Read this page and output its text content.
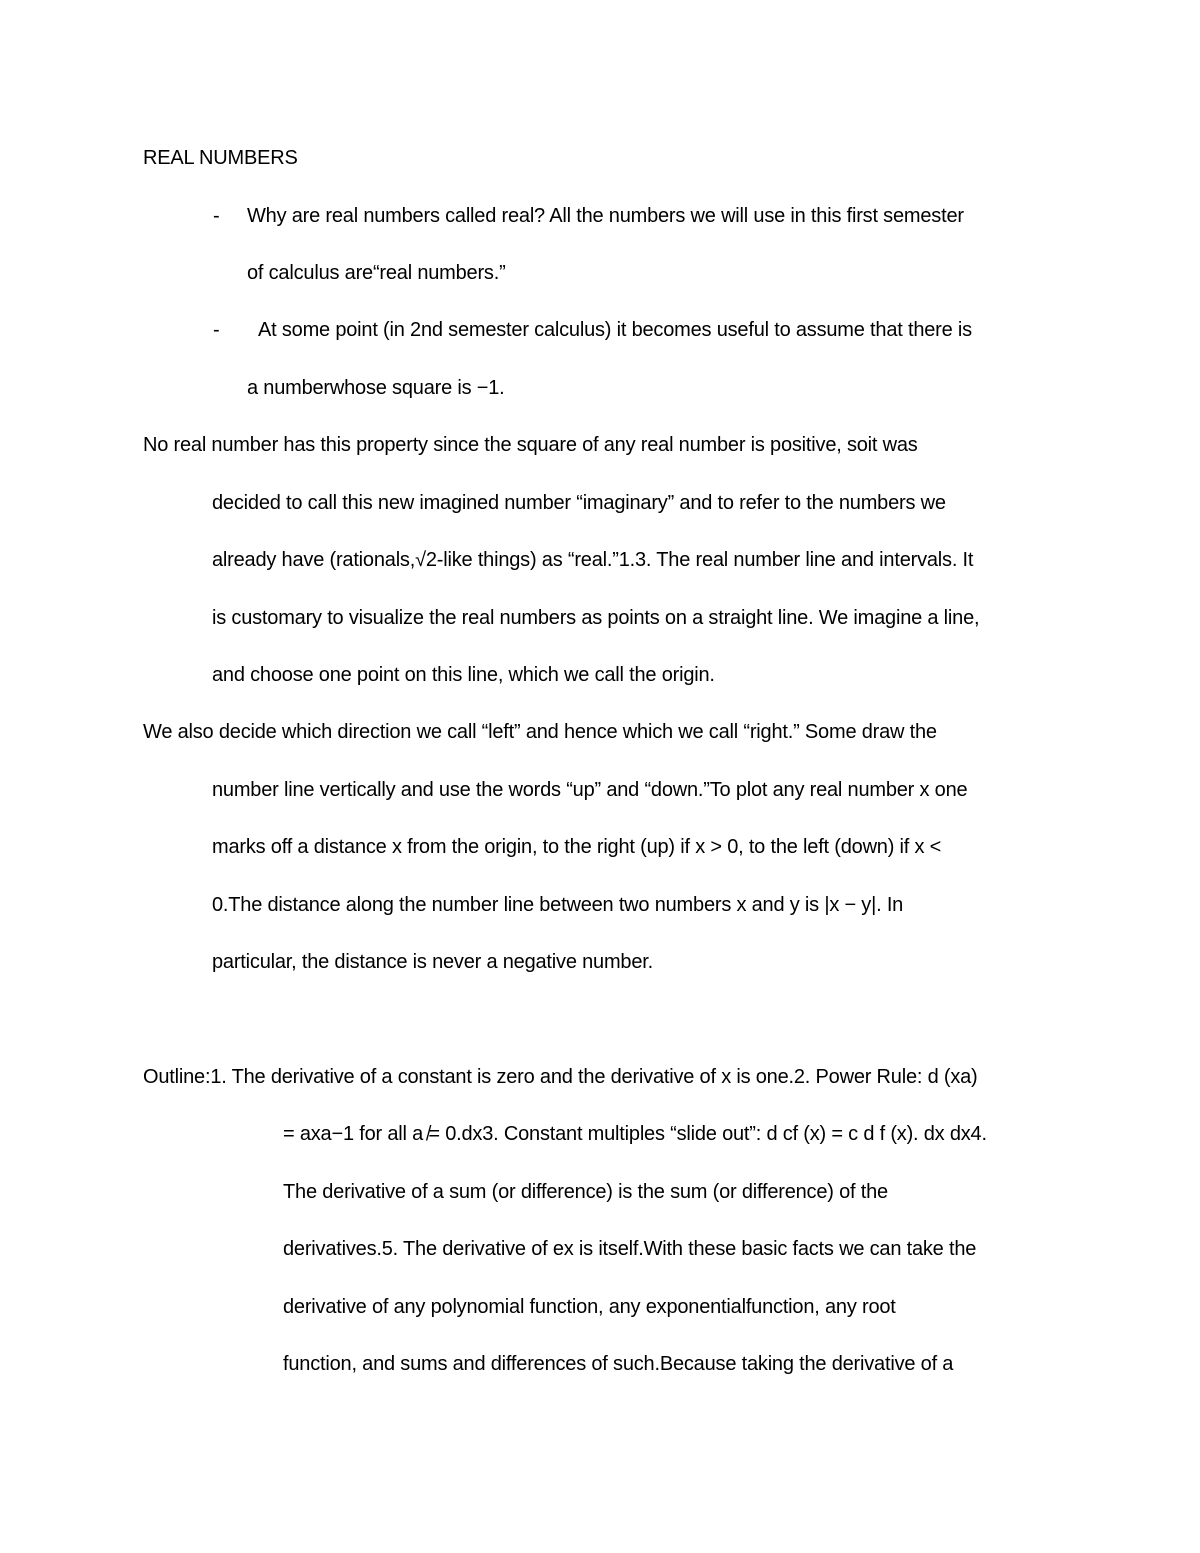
REAL NUMBERS
- Why are real numbers called real? All the numbers we will use in this first semester
of calculus are“real numbers.”
- At some point (in 2nd semester calculus) it becomes useful to assume that there is
a numberwhose square is −1.
No real number has this property since the square of any real number is positive, soit was
decided to call this new imagined number “imaginary” and to refer to the numbers we
already have (rationals,√2-like things) as “real.”1.3. The real number line and intervals. It
is customary to visualize the real numbers as points on a straight line. We imagine a line,
and choose one point on this line, which we call the origin.
We also decide which direction we call “left” and hence which we call “right.” Some draw the
number line vertically and use the words “up” and “down.”To plot any real number x one
marks off a distance x from the origin, to the right (up) if x > 0, to the left (down) if x <
0.The distance along the number line between two numbers x and y is |x − y|. In
particular, the distance is never a negative number.
Outline:1. The derivative of a constant is zero and the derivative of x is one.2. Power Rule: d (xa)
= axa−1 for all a ̸= 0.dx3. Constant multiples “slide out”: d cf (x) = c d f (x). dx dx4.
The derivative of a sum (or difference) is the sum (or difference) of the
derivatives.5. The derivative of ex is itself.With these basic facts we can take the
derivative of any polynomial function, any exponentialfunction, any root
function, and sums and differences of such.Because taking the derivative of a
